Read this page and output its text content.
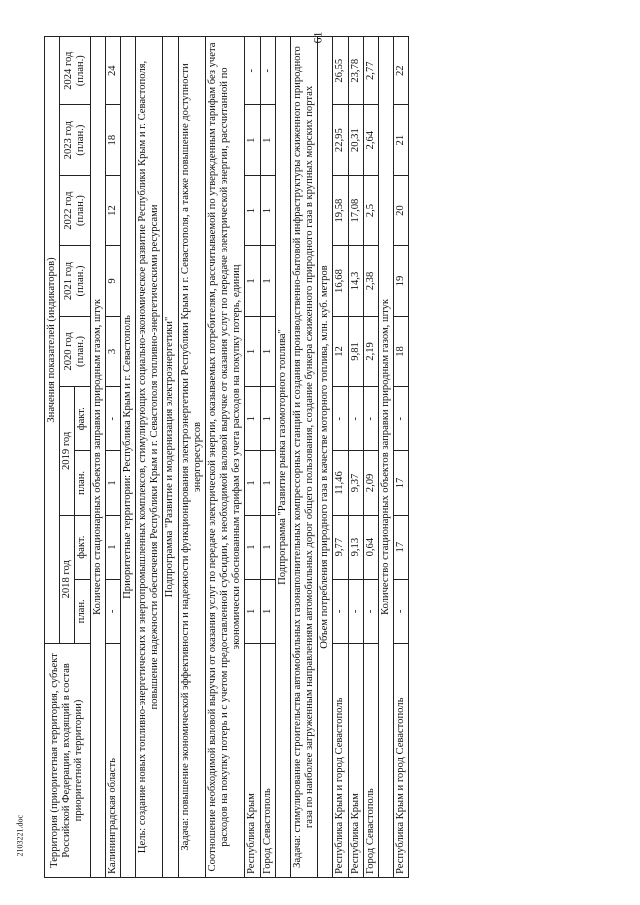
61
2103221.doc Территория (приоритетная территория, субъект Российской Федерации, входящий в состав приоритетной территории)	Значения показателей (индикаторов)								
	2018 год		2019 год		2020 год (план.)	2021 год (план.)	2022 год (план.)	2023 год (план.)	2024 год (план.)
	план.	факт.	план.	факт.					
Количество стационарных объектов заправки природным газом, штук									
Калининградская область	-	1	1	-	3	9	12	18	24
Приоритетные территории: Республика Крым и г. Севастополь									
Цель: создание новых топливно-энергетических и энергопромышленных комплексов, стимулирующих социально-экономическое развитие Республики Крым и г. Севастополя, повышение надежности обеспечения Республики Крым и г. Севастополя топливно-энергетическими ресурсами									
Подпрограмма "Развитие и модернизация электроэнергетики"									
Задача: повышение экономической эффективности и надежности функционирования электроэнергетики Республики Крым и г. Севастополя, а также повышение доступности энергоресурсов									
Соотношение необходимой валовой выручки от оказания услуг по передаче электрической энергии, оказываемых потребителям, рассчитываемой по утвержденным тарифам без учета расходов на покупку потерь и с учетом предоставленной субсидии, к необходимой валовой выручке от оказания услуг по передаче электрической энергии, рассчитанной по экономически обоснованным тарифам без учета расходов на покупку потерь, единиц									
Республика Крым	1	1	1	1	1	1	1	1	-
Город Севастополь	1	1	1	1	1	1	1	1	-
Подпрограмма "Развитие рынка газомоторного топлива"									
Задача: стимулирование строительства автомобильных газонаполнительных компрессорных станций и создания производственно-бытовой инфраструктуры сжиженного природного газа по наиболее загруженным направлениям автомобильных дорог общего пользования, создание бункера сжиженного природного газа в крупных морских портах									
Объем потребления природного газа в качестве моторного топлива, млн. куб. метров									
Республика Крым и город Севастополь	-	9,77	11,46	-	12	16,68	19,58	22,95	26,55
Республика Крым	-	9,13	9,37	-	9,81	14,3	17,08	20,31	23,78
Город Севастополь	-	0,64	2,09	-	2,19	2,38	2,5	2,64	2,77
Количество стационарных объектов заправки природным газом, штук									
Республика Крым и город Севастополь	-	17	17	-	18	19	20	21	22
